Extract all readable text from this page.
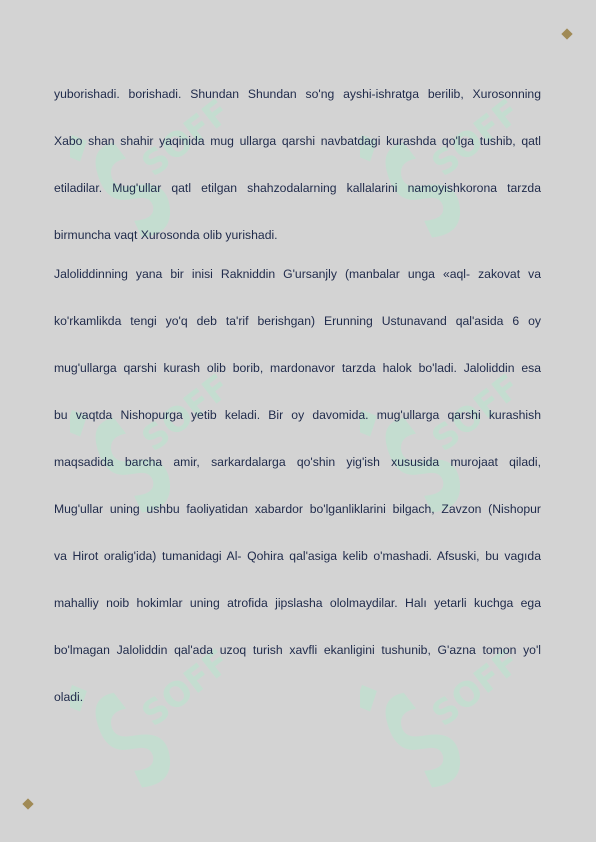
SOFF	SOFF
SOFF	SOFF
SOFF	SOFF

yuborishadi. borishadi. Shundan Shundan so'ng ayshi-ishratga berilib, Xurosonning

Xabo shan shahir yaqinida mug ullarga qarshi navbatdagi kurashda qo'lga tushib, qatl

etiladilar. Mug'ullar qatl etilgan shahzodalarning kallalarini namoyishkorona tarzda

birmuncha vaqt Xurosonda olib yurishadi.

Jaloliddinning yana bir inisi Rakniddin G'ursanjly (manbalar unga «aql- zakovat va

ko'rkamlikda tengi yo'q deb ta'rif berishgan) Erunning Ustunavand qal'asida 6 oy

mug'ullarga qarshi kurash olib borib, mardonavor tarzda halok bo'ladi. Jaloliddin esa

bu vaqtda Nishopurga yetib keladi. Bir oy davomida. mug'ullarga qarshi kurashish

maqsadida barcha amir, sarkardalarga qo'shin yig'ish xususida murojaat qiladi,

Mug'ullar uning ushbu faoliyatidan xabardor bo'lganliklarini bilgach, Zavzon (Nishopur

va Hirot oralig'ida) tumanidagi Al- Qohira qal'asiga kelib o'mashadi. Afsuski, bu vagıda

mahalliy noib hokimlar uning atrofida jipslasha ololmaydilar. Halı yetarli kuchga ega

bo'lmagan Jaloliddin qal'ada uzoq turish xavfli ekanligini tushunib, G'azna tomon yo'l

oladi.
